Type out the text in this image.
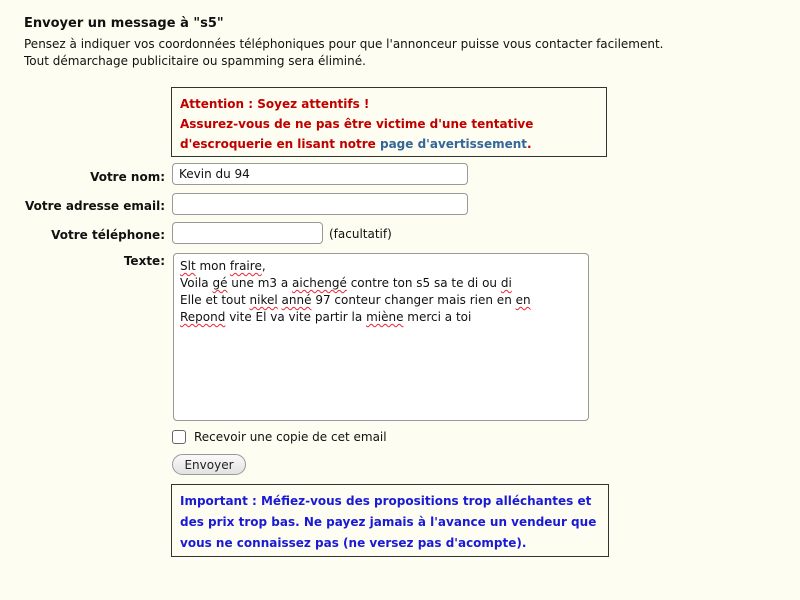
Envoyer un message à "s5"

Pensez à indiquer vos coordonnées téléphoniques pour que l'annonceur puisse vous contacter facilement.

Tout démarchage publicitaire ou spamming sera éliminé.

Attention : Soyez attentifs !
Assurez-vous de ne pas être victime d'une tentative
d'escroquerie en lisant notre page d'avertissement.
Votre nom:
Kevin du 94
Votre adresse email:
Votre téléphone:	(facultatif)
Texte: Slt mon fraire,
Voila gé une m3 a aichengé contre ton s5 sa te di ou di
Elle et tout nikel anné 97 conteur changer mais rien en en
Repond vite El va vite partir la miène merci a toi
Recevoir une copie de cet email
Envoyer
Important : Méfiez-vous des propositions trop alléchantes et
des prix trop bas. Ne payez jamais à l'avance un vendeur que
vous ne connaissez pas (ne versez pas d'acompte).
